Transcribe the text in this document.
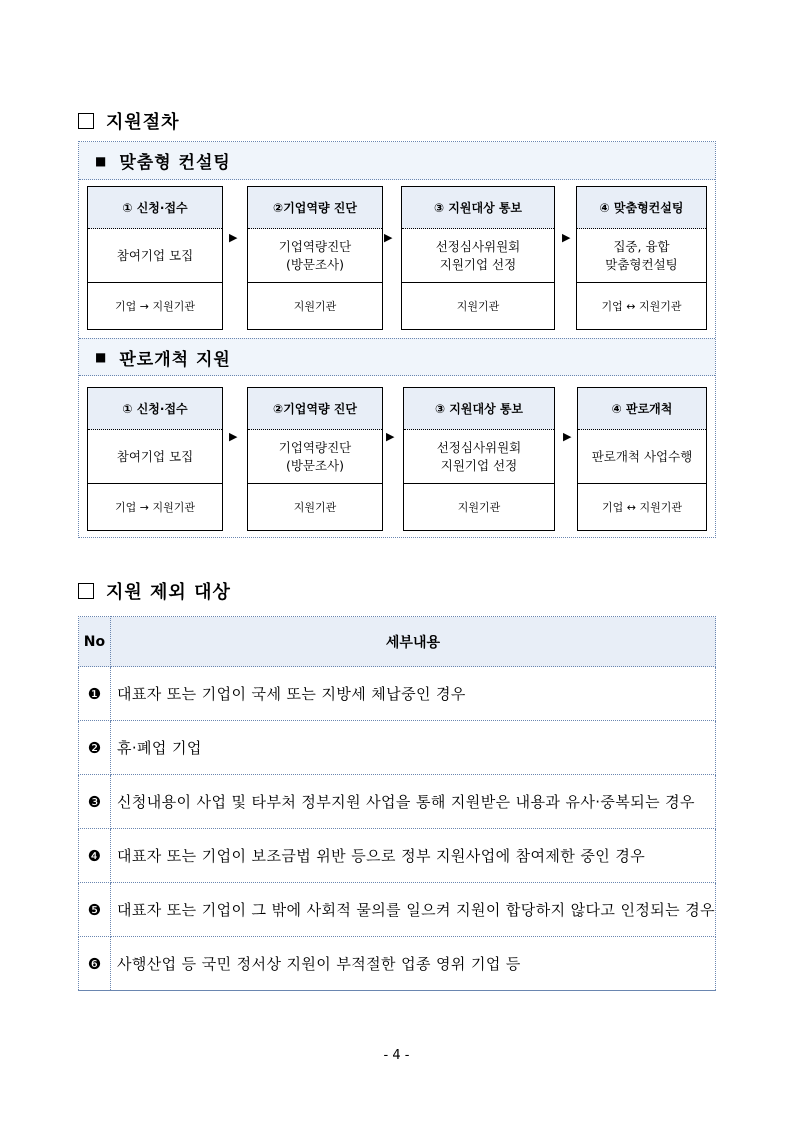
지원절차
■ 맞춤형 컨설팅
■ 판로개척 지원
① 신청·접수
참여기업 모집
기업 → 지원기관
▶
②기업역량 진단
기업역량진단
(방문조사)
지원기관
▶
③ 지원대상 통보
선정심사위원회
지원기업 선정
지원기관
▶
④ 맞춤형컨설팅
집중, 융합
맞춤형컨설팅
기업 ↔ 지원기관
① 신청·접수
참여기업 모집
기업 → 지원기관
▶
②기업역량 진단
기업역량진단
(방문조사)
지원기관
▶
③ 지원대상 통보
선정심사위원회
지원기업 선정
지원기관
▶
④ 판로개척
판로개척 사업수행
기업 ↔ 지원기관
지원 제외 대상
No	세부내용
❶	대표자 또는 기업이 국세 또는 지방세 체납중인 경우
❷	휴·폐업 기업
❸	신청내용이 사업 및 타부처 정부지원 사업을 통해 지원받은 내용과 유사·중복되는 경우
❹	대표자 또는 기업이 보조금법 위반 등으로 정부 지원사업에 참여제한 중인 경우
❺	대표자 또는 기업이 그 밖에 사회적 물의를 일으켜 지원이 합당하지 않다고 인정되는 경우
❻	사행산업 등 국민 정서상 지원이 부적절한 업종 영위 기업 등
- 4 -
